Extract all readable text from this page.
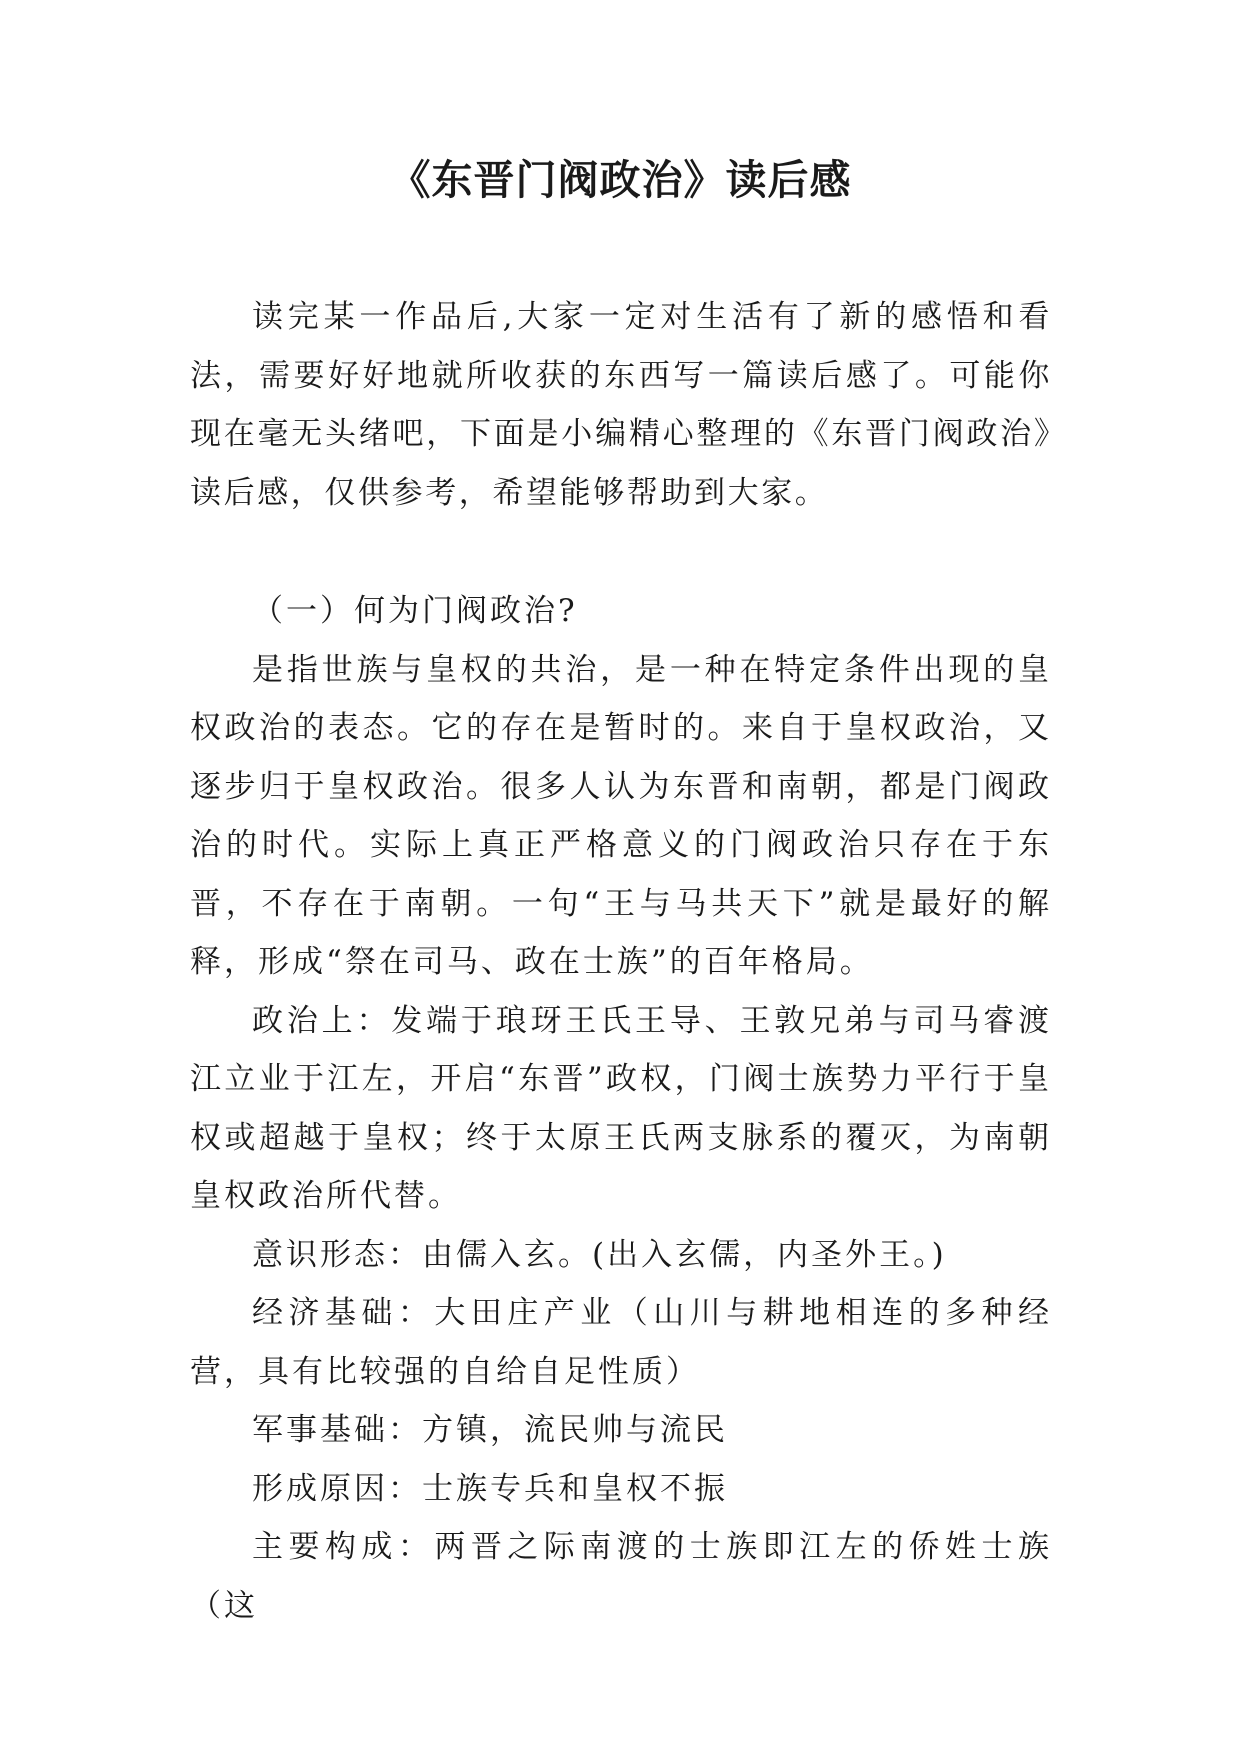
《东晋门阀政治》读后感

读完某一作品后,大家一定对生活有了新的感悟和看法，需要好好地就所收获的东西写一篇读后感了。可能你现在毫无头绪吧，下面是小编精心整理的《东晋门阀政治》读后感，仅供参考，希望能够帮助到大家。

（一）何为门阀政治?

是指世族与皇权的共治，是一种在特定条件出现的皇权政治的表态。它的存在是暂时的。来自于皇权政治，又逐步归于皇权政治。很多人认为东晋和南朝，都是门阀政治的时代。实际上真正严格意义的门阀政治只存在于东晋，不存在于南朝。一句“王与马共天下”就是最好的解释，形成“祭在司马、政在士族”的百年格局。

政治上：发端于琅玡王氏王导、王敦兄弟与司马睿渡江立业于江左，开启“东晋”政权，门阀士族势力平行于皇权或超越于皇权；终于太原王氏两支脉系的覆灭，为南朝皇权政治所代替。

意识形态：由儒入玄。(出入玄儒，内圣外王。)

经济基础：大田庄产业（山川与耕地相连的多种经营，具有比较强的自给自足性质）

军事基础：方镇，流民帅与流民

形成原因：士族专兵和皇权不振

主要构成：两晋之际南渡的士族即江左的侨姓士族（这
